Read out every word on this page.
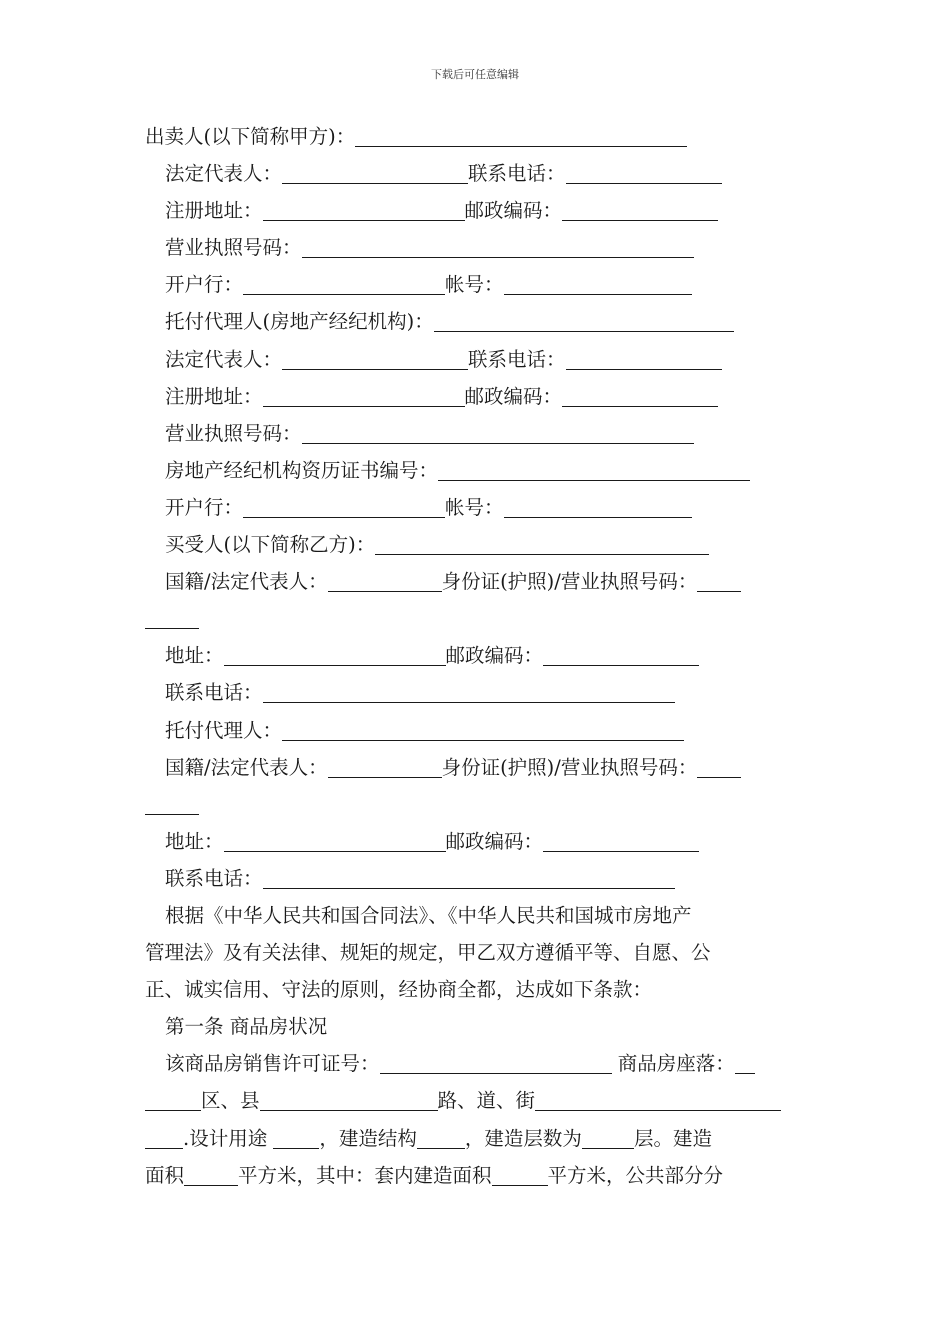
下载后可任意编辑
出卖人(以下简称甲方)：
法定代表人：	联系电话：
注册地址：	邮政编码：
营业执照号码：
开户行：	帐号：
托付代理人(房地产经纪机构)：
法定代表人：	联系电话：
注册地址：	邮政编码：
营业执照号码：
房地产经纪机构资历证书编号：
开户行：	帐号：
买受人(以下简称乙方)：
国籍/法定代表人：	身份证(护照)/营业执照号码：
地址：	邮政编码：
联系电话：
托付代理人：
国籍/法定代表人：	身份证(护照)/营业执照号码：
地址：	邮政编码：
联系电话：
根据《中华人民共和国合同法》、《中华人民共和国城市房地产
管理法》及有关法律、规矩的规定，甲乙双方遵循平等、自愿、公
正、诚实信用、守法的原则，经协商全都，达成如下条款：
第一条 商品房状况
该商品房销售许可证号：	商品房座落：
区、县	路、道、街
.设计用途 ，建造结构 ，建造层数为	层。建造
面积	平方米，其中：套内建造面积	平方米，公共部分分
